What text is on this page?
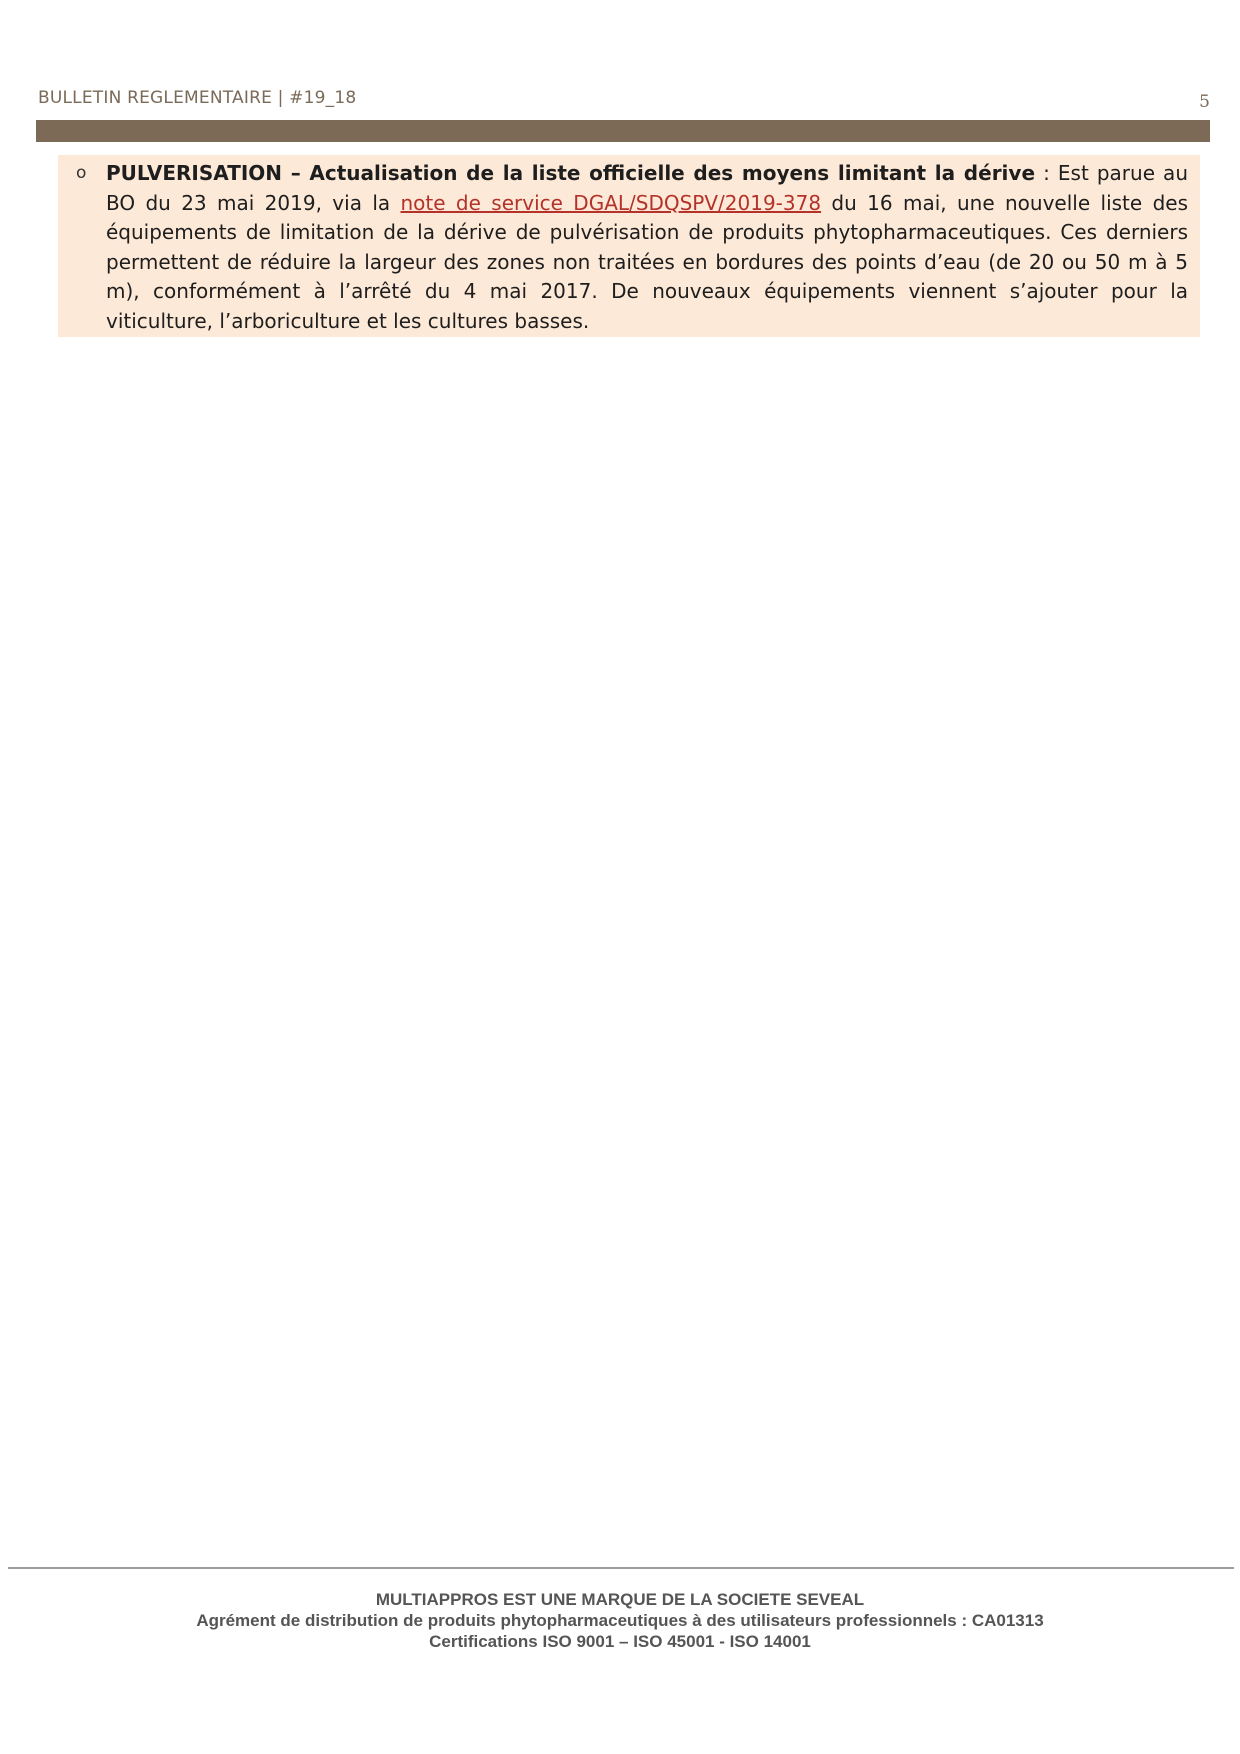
BULLETIN REGLEMENTAIRE | #19_18	5
o PULVERISATION – Actualisation de la liste officielle des moyens limitant la dérive : Est parue au BO du 23 mai 2019, via la note de service DGAL/SDQSPV/2019-378 du 16 mai, une nouvelle liste des équipements de limitation de la dérive de pulvérisation de produits phytopharmaceutiques. Ces derniers permettent de réduire la largeur des zones non traitées en bordures des points d’eau (de 20 ou 50 m à 5 m), conformément à l’arrêté du 4 mai 2017. De nouveaux équipements viennent s’ajouter pour la viticulture, l’arboriculture et les cultures basses.
MULTIAPPROS EST UNE MARQUE DE LA SOCIETE SEVEAL
Agrément de distribution de produits phytopharmaceutiques à des utilisateurs professionnels : CA01313
Certifications ISO 9001 – ISO 45001 - ISO 14001
